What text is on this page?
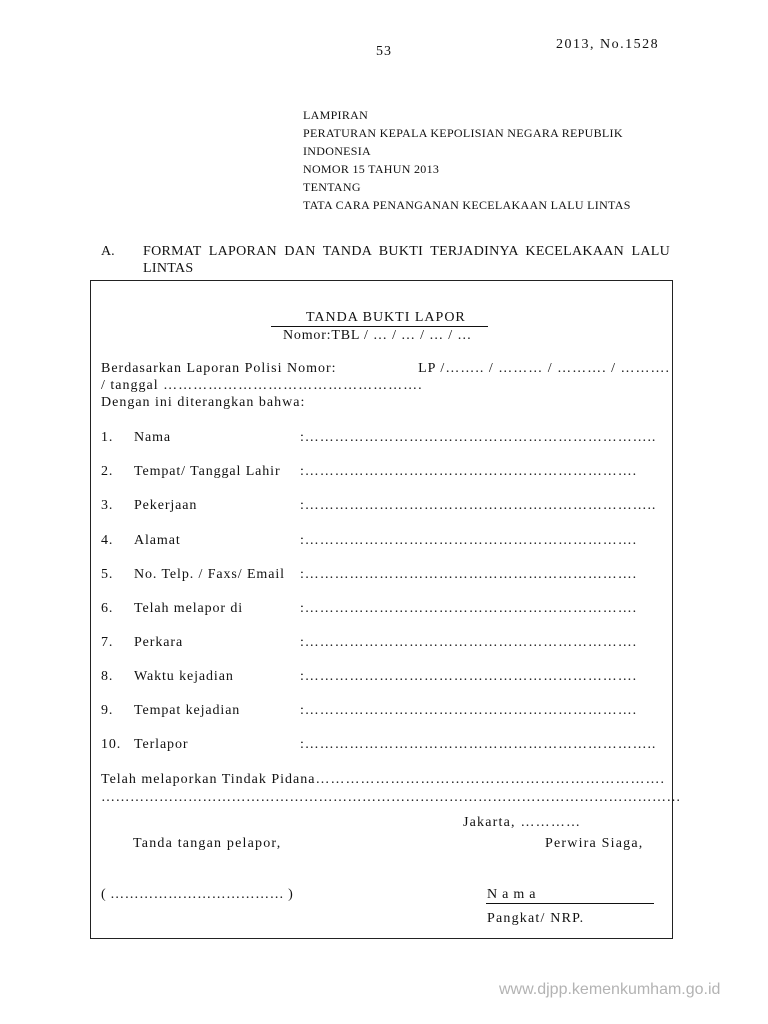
53	2013, No.1528
LAMPIRAN
PERATURAN KEPALA KEPOLISIAN NEGARA REPUBLIK
INDONESIA
NOMOR 15 TAHUN 2013
TENTANG
TATA CARA PENANGANAN KECELAKAAN LALU LINTAS
A. FORMAT LAPORAN DAN TANDA BUKTI TERJADINYA KECELAKAAN LALU LINTAS
TANDA BUKTI LAPOR
Nomor:TBL / … / … / … / …
Berdasarkan Laporan Polisi Nomor:	LP /…….. / ……… / ………. / ……….
/ tanggal …………………………………………….
Dengan ini diterangkan bahwa:
1. Nama	:……………………………………………………………..
2. Tempat/ Tanggal Lahir :………………………………………………………….
3. Pekerjaan	:……………………………………………………………..
4. Alamat	:………………………………………………………….
5. No. Telp. / Faxs/ Email :………………………………………………………….
6. Telah melapor di	:………………………………………………………….
7. Perkara	:………………………………………………………….
8. Waktu kejadian	:………………………………………………………….
9. Tempat kejadian	:………………………………………………………….
10. Terlapor	:……………………………………………………………..
Telah melaporkan Tindak Pidana…………………………………………………………….
…………………………………………………………………………………………………………
Jakarta, …………
Tanda tangan pelapor,	Perwira Siaga,
( ……………………………… )	Nama
Pangkat/ NRP.
www.djpp.kemenkumham.go.id
